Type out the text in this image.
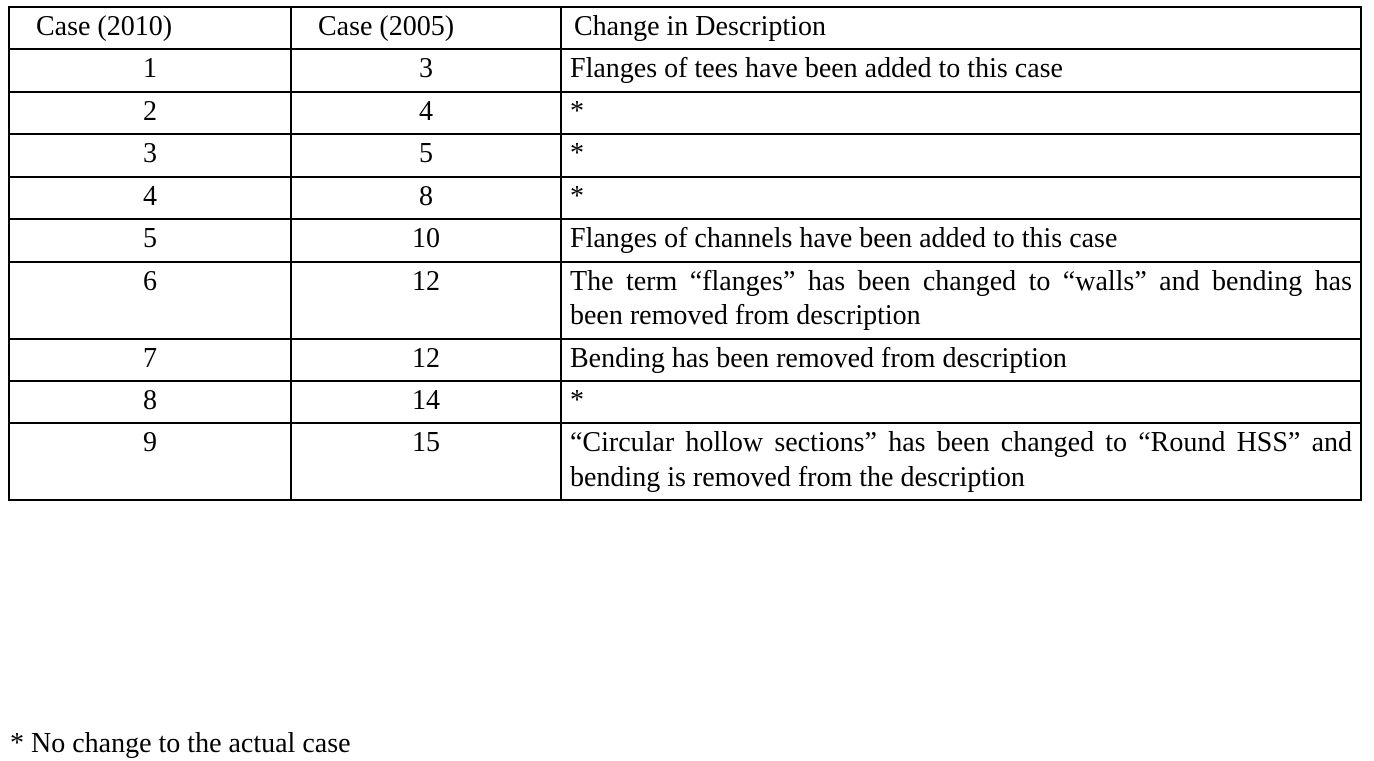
Case (2010)	Case (2005)	Change in Description
1	3	Flanges of tees have been added to this case
2	4	*
3	5	*
4	8	*
5	10	Flanges of channels have been added to this case
6	12	The term “flanges” has been changed to “walls” and bending has been removed from description
7	12	Bending has been removed from description
8	14	*
9	15	“Circular hollow sections” has been changed to “Round HSS” and bending is removed from the description
* No change to the actual case
